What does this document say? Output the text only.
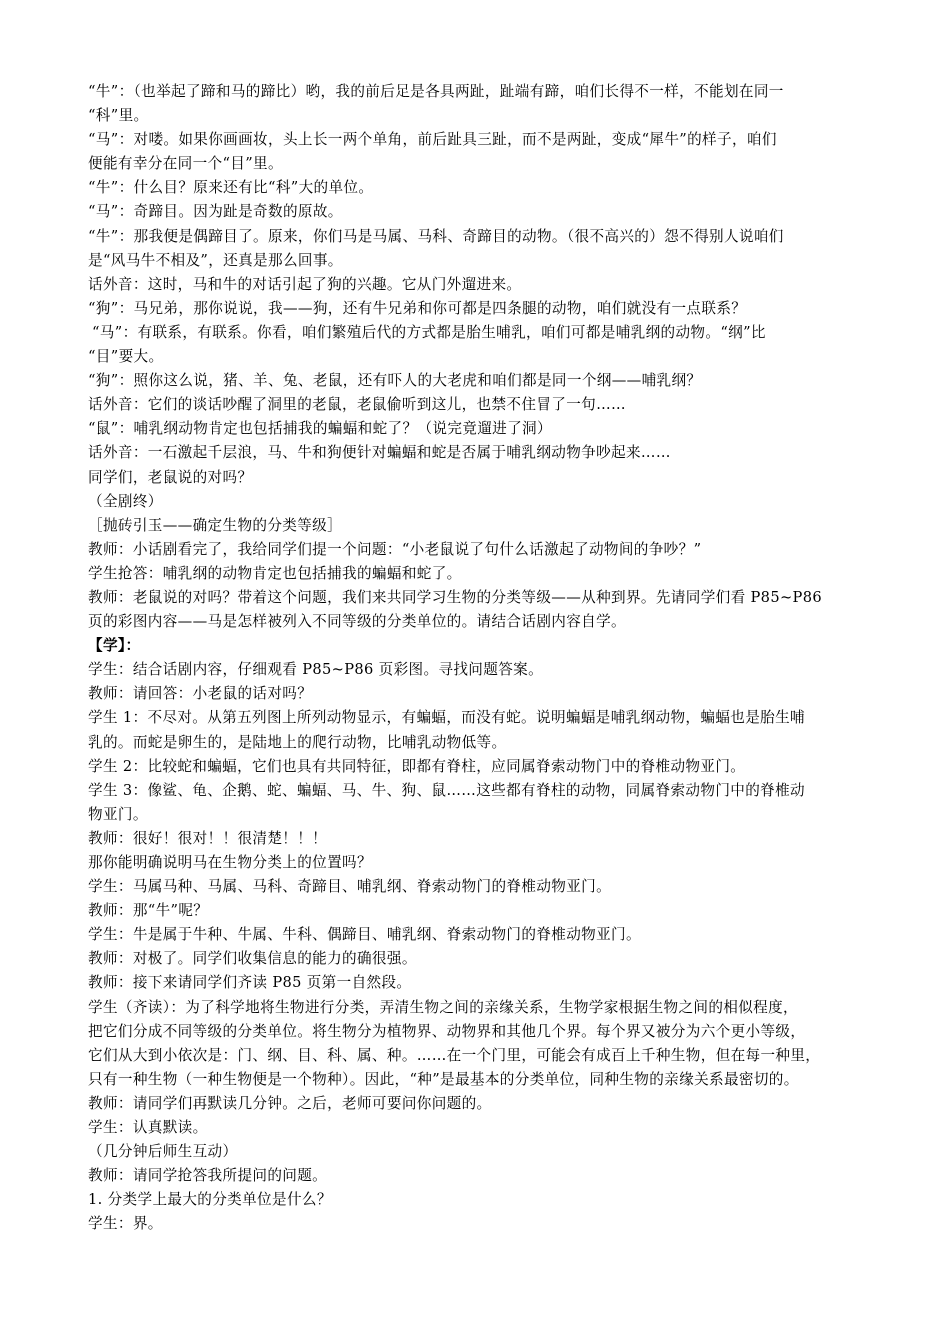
“牛”：（也举起了蹄和马的蹄比）哟，我的前后足是各具两趾，趾端有蹄，咱们长得不一样，不能划在同一

“科”里。

“马”：对喽。如果你画画妆，头上长一两个单角，前后趾具三趾，而不是两趾，变成“犀牛”的样子，咱们

便能有幸分在同一个“目”里。

“牛”：什么目？原来还有比“科”大的单位。

“马”：奇蹄目。因为趾是奇数的原故。

“牛”：那我便是偶蹄目了。原来，你们马是马属、马科、奇蹄目的动物。（很不高兴的）怨不得别人说咱们

是“风马牛不相及”，还真是那么回事。

话外音：这时，马和牛的对话引起了狗的兴趣。它从门外遛进来。

“狗”：马兄弟，那你说说，我——狗，还有牛兄弟和你可都是四条腿的动物，咱们就没有一点联系？

“马”：有联系，有联系。你看，咱们繁殖后代的方式都是胎生哺乳，咱们可都是哺乳纲的动物。“纲”比

“目”要大。

“狗”：照你这么说，猪、羊、兔、老鼠，还有吓人的大老虎和咱们都是同一个纲——哺乳纲？

话外音：它们的谈话吵醒了洞里的老鼠，老鼠偷听到这儿，也禁不住冒了一句……

“鼠”：哺乳纲动物肯定也包括捕我的蝙蝠和蛇了？（说完竟遛进了洞）

话外音：一石激起千层浪，马、牛和狗便针对蝙蝠和蛇是否属于哺乳纲动物争吵起来……

同学们，老鼠说的对吗？

（全剧终）

［抛砖引玉——确定生物的分类等级］

教师：小话剧看完了，我给同学们提一个问题：“小老鼠说了句什么话激起了动物间的争吵？”

学生抢答：哺乳纲的动物肯定也包括捕我的蝙蝠和蛇了。

教师：老鼠说的对吗？带着这个问题，我们来共同学习生物的分类等级——从种到界。先请同学们看 P85~P86

页的彩图内容——马是怎样被列入不同等级的分类单位的。请结合话剧内容自学。

【学】：

学生：结合话剧内容，仔细观看 P85~P86 页彩图。寻找问题答案。

教师：请回答：小老鼠的话对吗？

学生 1：不尽对。从第五列图上所列动物显示，有蝙蝠，而没有蛇。说明蝙蝠是哺乳纲动物，蝙蝠也是胎生哺

乳的。而蛇是卵生的，是陆地上的爬行动物，比哺乳动物低等。

学生 2：比较蛇和蝙蝠，它们也具有共同特征，即都有脊柱，应同属脊索动物门中的脊椎动物亚门。

学生 3：像鲨、龟、企鹅、蛇、蝙蝠、马、牛、狗、鼠……这些都有脊柱的动物，同属脊索动物门中的脊椎动

物亚门。

教师：很好！很对！！很清楚！！！

那你能明确说明马在生物分类上的位置吗？

学生：马属马种、马属、马科、奇蹄目、哺乳纲、脊索动物门的脊椎动物亚门。

教师：那“牛”呢？

学生：牛是属于牛种、牛属、牛科、偶蹄目、哺乳纲、脊索动物门的脊椎动物亚门。

教师：对极了。同学们收集信息的能力的确很强。

教师：接下来请同学们齐读 P85 页第一自然段。

学生（齐读）：为了科学地将生物进行分类，弄清生物之间的亲缘关系，生物学家根据生物之间的相似程度，

把它们分成不同等级的分类单位。将生物分为植物界、动物界和其他几个界。每个界又被分为六个更小等级，

它们从大到小依次是：门、纲、目、科、属、种。……在一个门里，可能会有成百上千种生物，但在每一种里，

只有一种生物（一种生物便是一个物种）。因此，“种”是最基本的分类单位，同种生物的亲缘关系最密切的。

教师：请同学们再默读几分钟。之后，老师可要问你问题的。

学生：认真默读。

（几分钟后师生互动）

教师：请同学抢答我所提问的问题。

1. 分类学上最大的分类单位是什么？

学生：界。
